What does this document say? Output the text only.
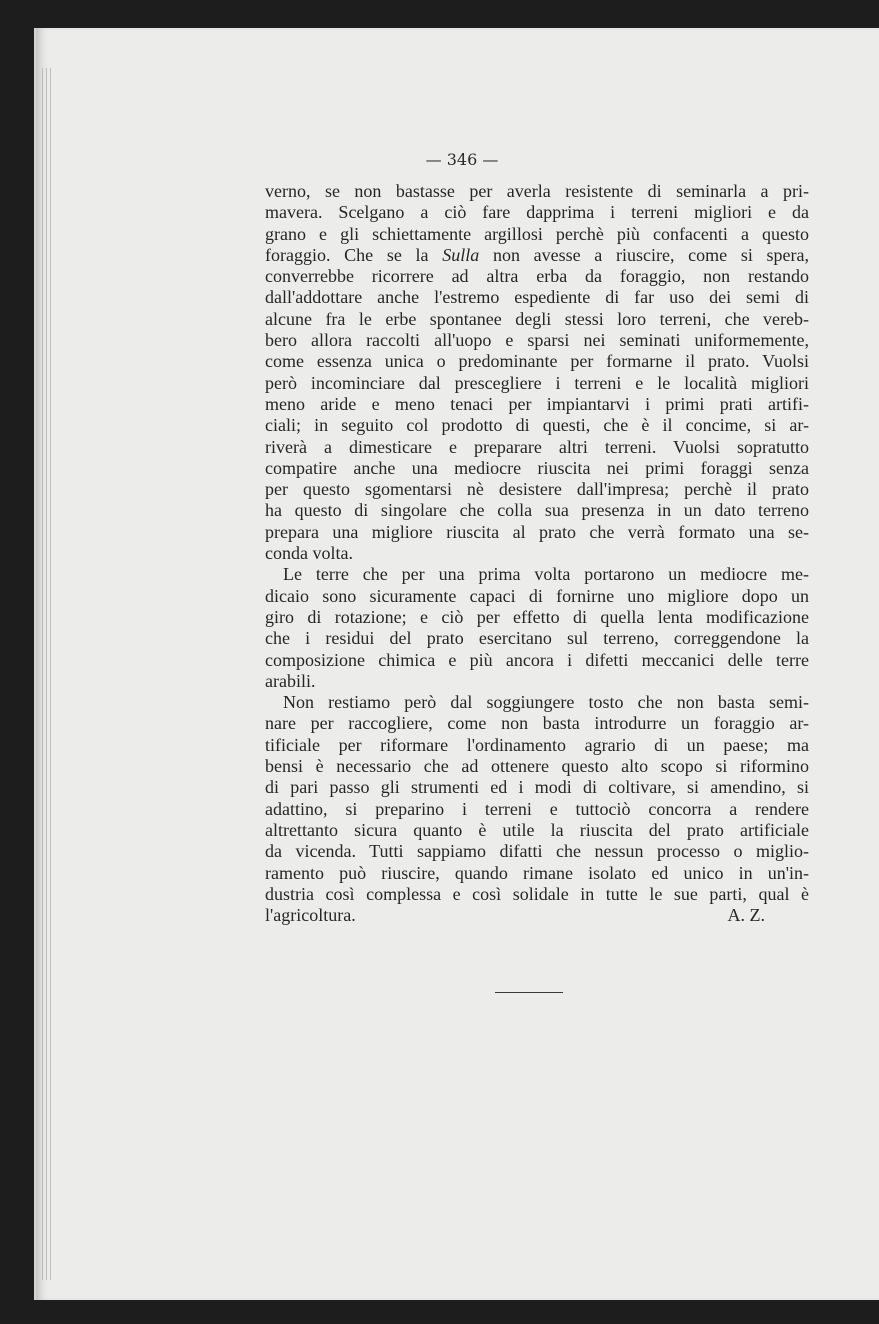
— 346 —

verno, se non bastasse per averla resistente di seminarla a pri-
mavera. Scelgano a ciò fare dapprima i terreni migliori e da
grano e gli schiettamente argillosi perchè più confacenti a questo
foraggio. Che se la Sulla non avesse a riuscire, come si spera,
converrebbe ricorrere ad altra erba da foraggio, non restando
dall'addottare anche l'estremo espediente di far uso dei semi di
alcune fra le erbe spontanee degli stessi loro terreni, che vereb-
bero allora raccolti all'uopo e sparsi nei seminati uniformemente,
come essenza unica o predominante per formarne il prato. Vuolsi
però incominciare dal prescegliere i terreni e le località migliori
meno aride e meno tenaci per impiantarvi i primi prati artifi-
ciali; in seguito col prodotto di questi, che è il concime, si ar-
riverà a dimesticare e preparare altri terreni. Vuolsi sopratutto
compatire anche una mediocre riuscita nei primi foraggi senza
per questo sgomentarsi nè desistere dall'impresa; perchè il prato
ha questo di singolare che colla sua presenza in un dato terreno
prepara una migliore riuscita al prato che verrà formato una se-
conda volta.

Le terre che per una prima volta portarono un mediocre me-
dicaio sono sicuramente capaci di fornirne uno migliore dopo un
giro di rotazione; e ciò per effetto di quella lenta modificazione
che i residui del prato esercitano sul terreno, correggendone la
composizione chimica e più ancora i difetti meccanici delle terre
arabili.

Non restiamo però dal soggiungere tosto che non basta semi-
nare per raccogliere, come non basta introdurre un foraggio ar-
tificiale per riformare l'ordinamento agrario di un paese; ma
bensi è necessario che ad ottenere questo alto scopo si riformino
di pari passo gli strumenti ed i modi di coltivare, si amendino, si
adattino, si preparino i terreni e tuttociò concorra a rendere
altrettanto sicura quanto è utile la riuscita del prato artificiale
da vicenda. Tutti sappiamo difatti che nessun processo o miglio-
ramento può riuscire, quando rimane isolato ed unico in un'in-
dustria così complessa e così solidale in tutte le sue parti, qual è

l'agricoltura.	A. Z.
